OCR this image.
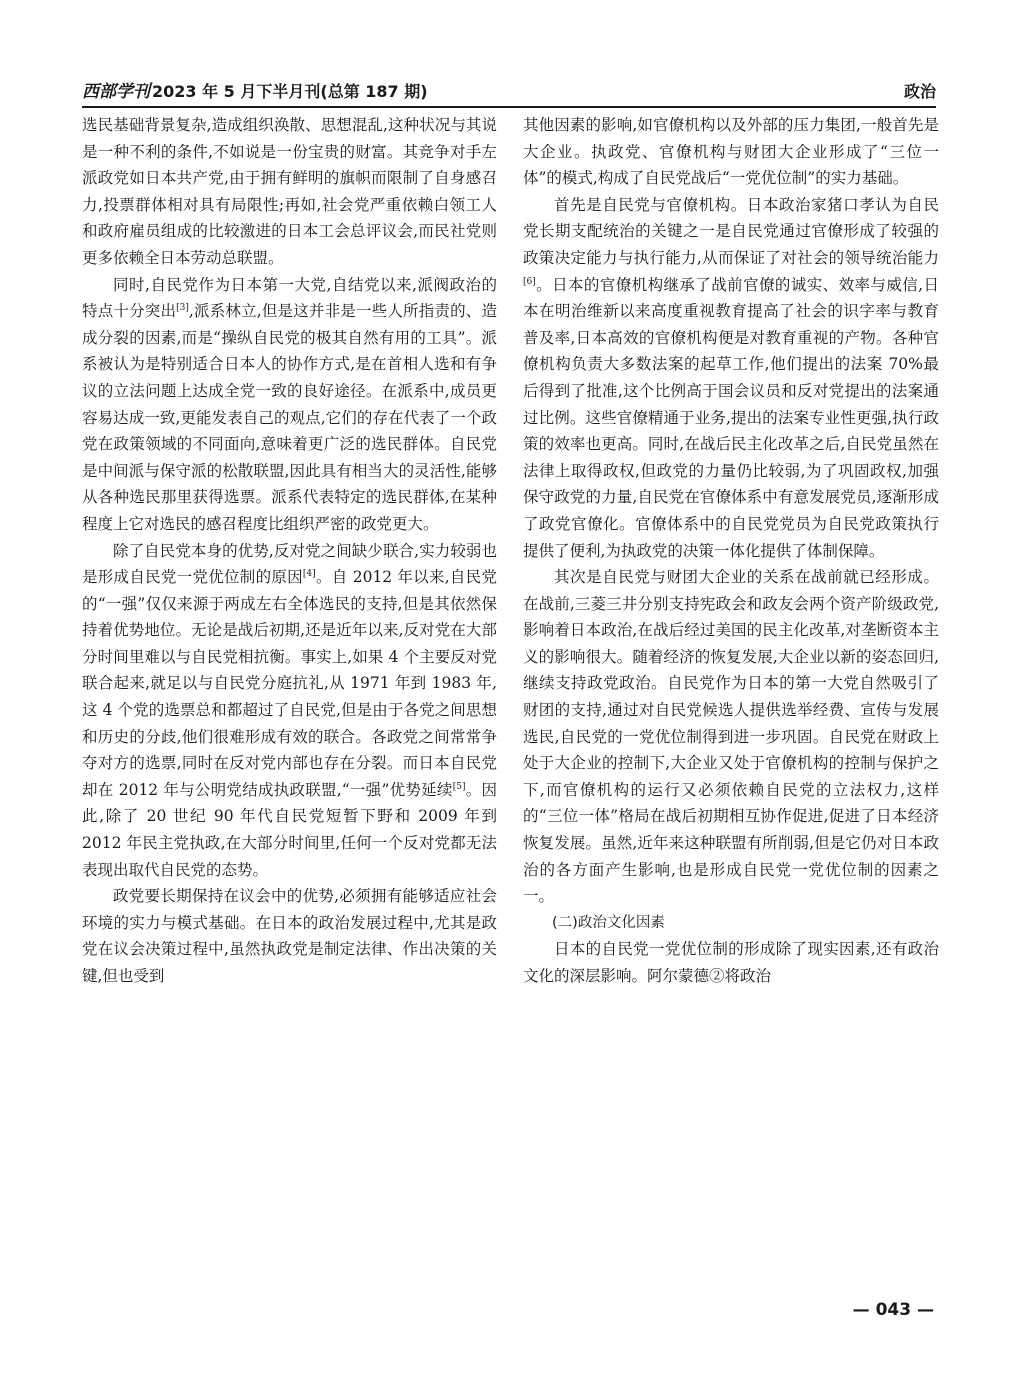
西部学刊 2023 年 5 月下半月刊(总第 187 期)	政治

选民基础背景复杂,造成组织涣散、思想混乱,这种状况与其说是一种不利的条件,不如说是一份宝贵的财富。其竞争对手左派政党如日本共产党,由于拥有鲜明的旗帜而限制了自身感召力,投票群体相对具有局限性;再如,社会党严重依赖白领工人和政府雇员组成的比较激进的日本工会总评议会,而民社党则更多依赖全日本劳动总联盟。

同时,自民党作为日本第一大党,自结党以来,派阀政治的特点十分突出[3],派系林立,但是这并非是一些人所指责的、造成分裂的因素,而是“操纵自民党的极其自然有用的工具”。派系被认为是特别适合日本人的协作方式,是在首相人选和有争议的立法问题上达成全党一致的良好途径。在派系中,成员更容易达成一致,更能发表自己的观点,它们的存在代表了一个政党在政策领域的不同面向,意味着更广泛的选民群体。自民党是中间派与保守派的松散联盟,因此具有相当大的灵活性,能够从各种选民那里获得选票。派系代表特定的选民群体,在某种程度上它对选民的感召程度比组织严密的政党更大。

除了自民党本身的优势,反对党之间缺少联合,实力较弱也是形成自民党一党优位制的原因[4]。自 2012 年以来,自民党的“一强”仅仅来源于两成左右全体选民的支持,但是其依然保持着优势地位。无论是战后初期,还是近年以来,反对党在大部分时间里难以与自民党相抗衡。事实上,如果 4 个主要反对党联合起来,就足以与自民党分庭抗礼,从 1971 年到 1983 年,这 4 个党的选票总和都超过了自民党,但是由于各党之间思想和历史的分歧,他们很难形成有效的联合。各政党之间常常争夺对方的选票,同时在反对党内部也存在分裂。而日本自民党却在 2012 年与公明党结成执政联盟,“一强”优势延续[5]。因此,除了 20 世纪 90 年代自民党短暂下野和 2009 年到 2012 年民主党执政,在大部分时间里,任何一个反对党都无法表现出取代自民党的态势。

政党要长期保持在议会中的优势,必须拥有能够适应社会环境的实力与模式基础。在日本的政治发展过程中,尤其是政党在议会决策过程中,虽然执政党是制定法律、作出决策的关键,但也受到

其他因素的影响,如官僚机构以及外部的压力集团,一般首先是大企业。执政党、官僚机构与财团大企业形成了“三位一体”的模式,构成了自民党战后“一党优位制”的实力基础。

首先是自民党与官僚机构。日本政治家猪口孝认为自民党长期支配统治的关键之一是自民党通过官僚形成了较强的政策决定能力与执行能力,从而保证了对社会的领导统治能力[6]。日本的官僚机构继承了战前官僚的诚实、效率与威信,日本在明治维新以来高度重视教育提高了社会的识字率与教育普及率,日本高效的官僚机构便是对教育重视的产物。各种官僚机构负责大多数法案的起草工作,他们提出的法案 70%最后得到了批准,这个比例高于国会议员和反对党提出的法案通过比例。这些官僚精通于业务,提出的法案专业性更强,执行政策的效率也更高。同时,在战后民主化改革之后,自民党虽然在法律上取得政权,但政党的力量仍比较弱,为了巩固政权,加强保守政党的力量,自民党在官僚体系中有意发展党员,逐渐形成了政党官僚化。官僚体系中的自民党党员为自民党政策执行提供了便利,为执政党的决策一体化提供了体制保障。

其次是自民党与财团大企业的关系在战前就已经形成。在战前,三菱三井分别支持宪政会和政友会两个资产阶级政党,影响着日本政治,在战后经过美国的民主化改革,对垄断资本主义的影响很大。随着经济的恢复发展,大企业以新的姿态回归,继续支持政党政治。自民党作为日本的第一大党自然吸引了财团的支持,通过对自民党候选人提供选举经费、宣传与发展选民,自民党的一党优位制得到进一步巩固。自民党在财政上处于大企业的控制下,大企业又处于官僚机构的控制与保护之下,而官僚机构的运行又必须依赖自民党的立法权力,这样的“三位一体”格局在战后初期相互协作促进,促进了日本经济恢复发展。虽然,近年来这种联盟有所削弱,但是它仍对日本政治的各方面产生影响,也是形成自民党一党优位制的因素之一。

(二)政治文化因素

日本的自民党一党优位制的形成除了现实因素,还有政治文化的深层影响。阿尔蒙德②将政治

— 043 —
